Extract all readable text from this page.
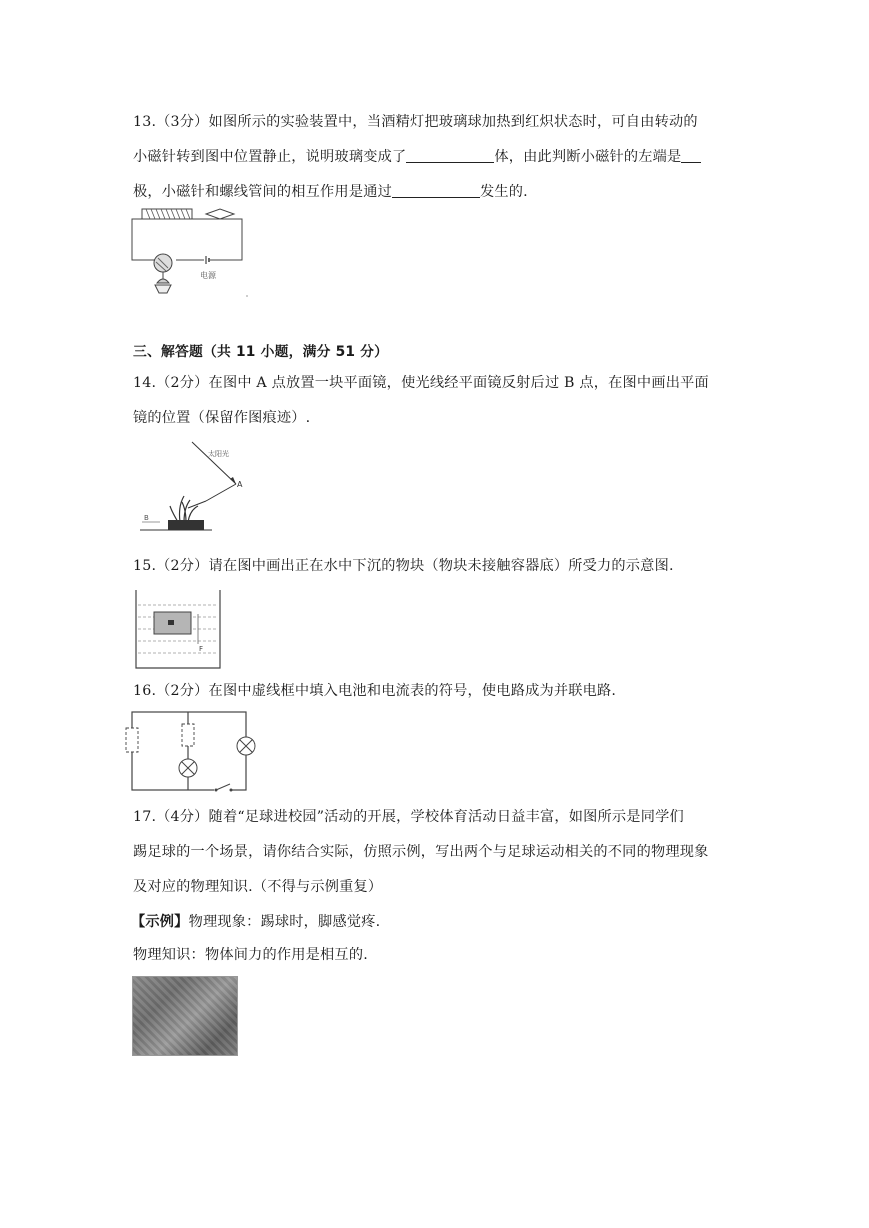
13.（3分）如图所示的实验装置中，当酒精灯把玻璃球加热到红炽状态时，可自由转动的
小磁针转到图中位置静止，说明玻璃变成了	体，由此判断小磁针的左端是
极，小磁针和螺线管间的相互作用是通过	发生的.
电源
三、解答题（共 11 小题，满分 51 分）
14.（2分）在图中 A 点放置一块平面镜，使光线经平面镜反射后过 B 点，在图中画出平面
镜的位置（保留作图痕迹）.
太阳光
A
B
15.（2分）请在图中画出正在水中下沉的物块（物块未接触容器底）所受力的示意图.
F
16.（2分）在图中虚线框中填入电池和电流表的符号，使电路成为并联电路.
17.（4分）随着“足球进校园”活动的开展，学校体育活动日益丰富，如图所示是同学们
踢足球的一个场景，请你结合实际，仿照示例，写出两个与足球运动相关的不同的物理现象
及对应的物理知识.（不得与示例重复）
【示例】物理现象：踢球时，脚感觉疼.
物理知识：物体间力的作用是相互的.
